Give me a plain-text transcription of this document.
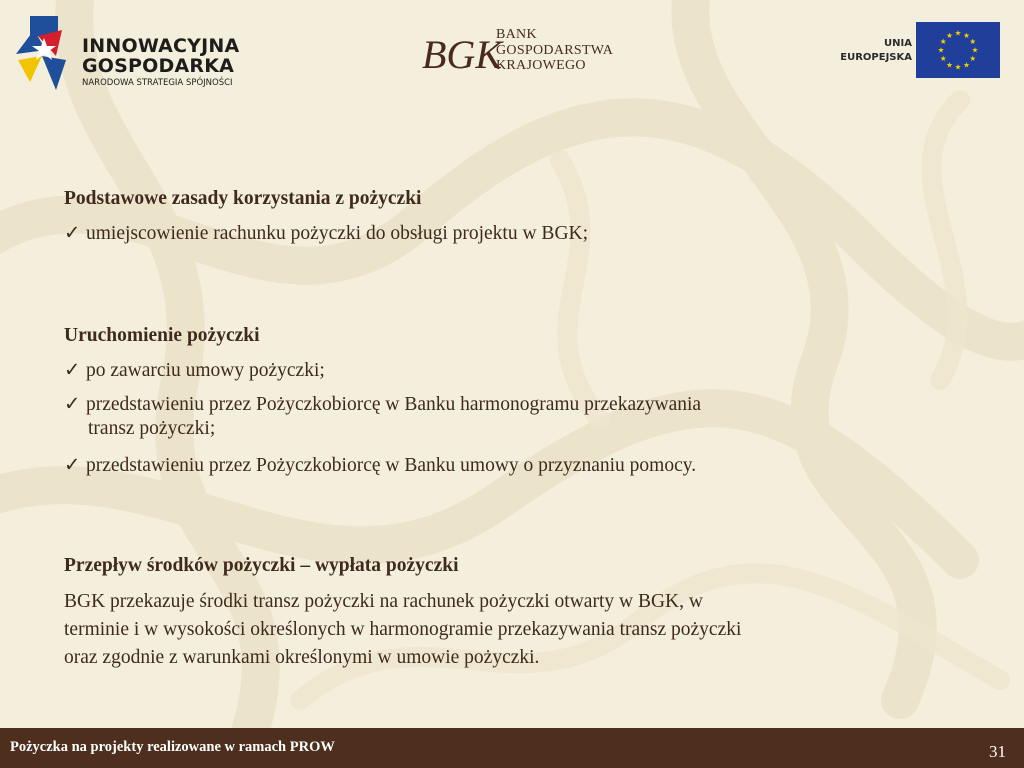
INNOWACYJNA
GOSPODARKA
NARODOWA STRATEGIA SPÓJNOŚCI
BGK
BANK
GOSPODARSTWA
KRAJOWEGO
UNIA
EUROPEJSKA
★ ★
★
★
★
★
★
★
★
★
★
★
Podstawowe zasady korzystania z pożyczki
✓ umiejscowienie rachunku pożyczki do obsługi projektu w BGK;
Uruchomienie pożyczki
✓ po zawarciu umowy pożyczki;
✓ przedstawieniu przez Pożyczkobiorcę w Banku harmonogramu przekazywania
transz pożyczki;
✓ przedstawieniu przez Pożyczkobiorcę w Banku umowy o przyznaniu pomocy.
Przepływ środków pożyczki – wypłata pożyczki
BGK przekazuje środki transz pożyczki na rachunek pożyczki otwarty w BGK, w
terminie i w wysokości określonych w harmonogramie przekazywania transz pożyczki
oraz zgodnie z warunkami określonymi w umowie pożyczki.
Pożyczka na projekty realizowane w ramach PROW	31
